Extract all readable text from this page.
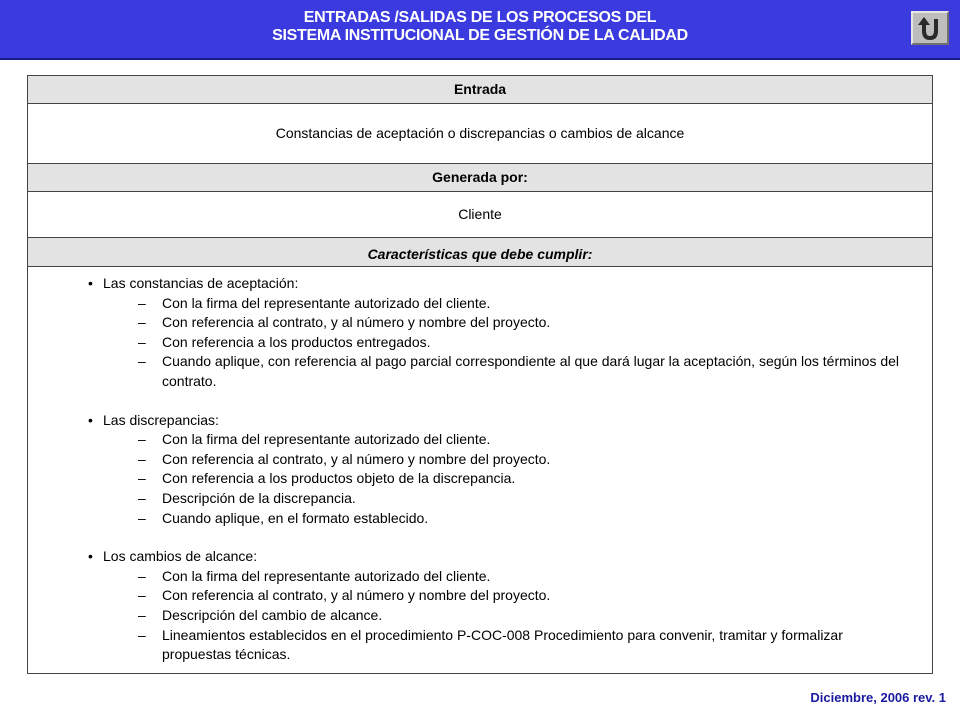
ENTRADAS /SALIDAS DE LOS PROCESOS DEL
SISTEMA INSTITUCIONAL DE GESTIÓN DE LA CALIDAD
Entrada
Constancias de aceptación o discrepancias o cambios de alcance
Generada por:
Cliente
Características que debe cumplir:
• Las constancias de aceptación:
– Con la firma del representante autorizado del cliente.
– Con referencia al contrato, y al número y nombre del proyecto.
– Con referencia a los productos entregados.
– Cuando aplique, con referencia al pago parcial correspondiente al que dará lugar la aceptación, según los términos del contrato.
• Las discrepancias:
– Con la firma del representante autorizado del cliente.
– Con referencia al contrato, y al número y nombre del proyecto.
– Con referencia a los productos objeto de la discrepancia.
– Descripción de la discrepancia.
– Cuando aplique, en el formato establecido.
• Los cambios de alcance:
– Con la firma del representante autorizado del cliente.
– Con referencia al contrato, y al número y nombre del proyecto.
– Descripción del cambio de alcance.
– Lineamientos establecidos en el procedimiento P-COC-008 Procedimiento para convenir, tramitar y formalizar propuestas técnicas.
Diciembre, 2006 rev. 1
